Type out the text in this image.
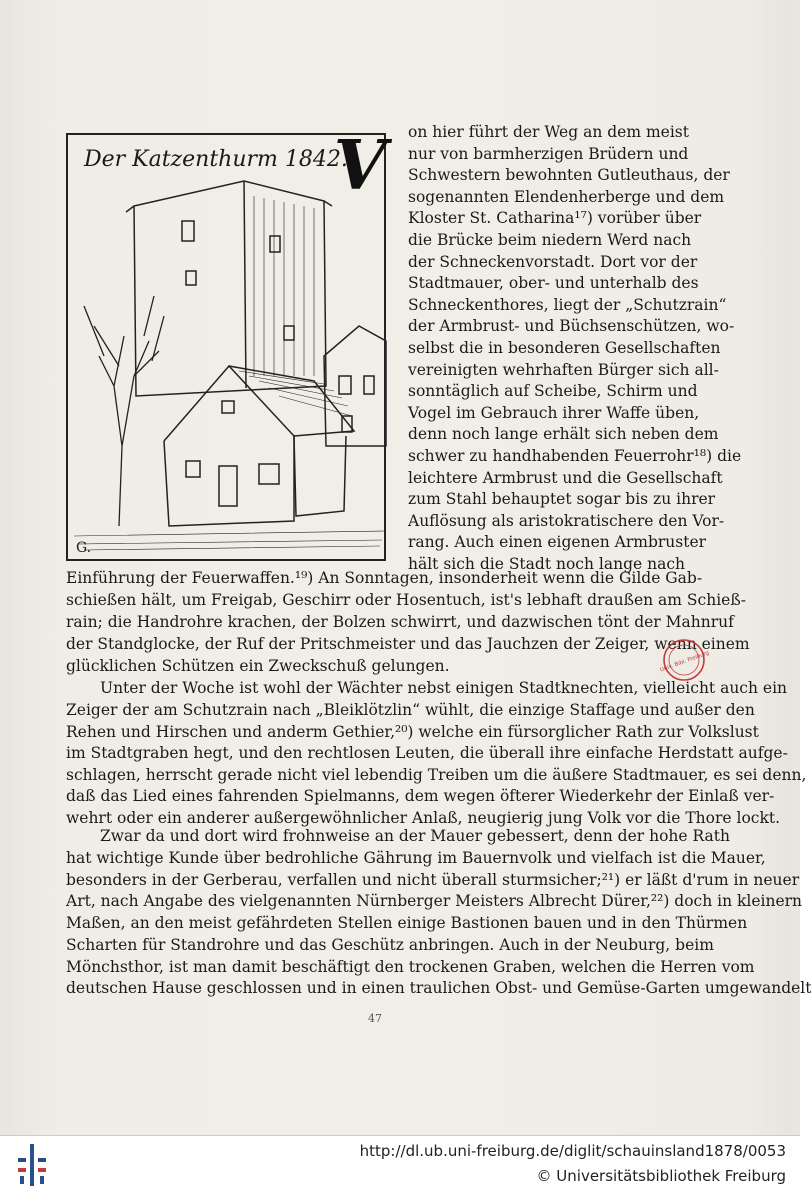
Der Katzenthurm 1842.
G.
V	on hier führt der Weg an dem meist

nur von barmherzigen Brüdern und

Schwestern bewohnten Gutleuthaus, der

sogenannten Elendenherberge und dem

Kloster St. Catharina¹⁷) vorüber über

die Brücke beim niedern Werd nach

der Schneckenvorstadt. Dort vor der

Stadtmauer, ober- und unterhalb des

Schneckenthores, liegt der „Schutzrain“

der Armbrust- und Büchsenschützen, wo-

selbst die in besonderen Gesellschaften

vereinigten wehrhaften Bürger sich all-

sonntäglich auf Scheibe, Schirm und

Vogel im Gebrauch ihrer Waffe üben,

denn noch lange erhält sich neben dem

schwer zu handhabenden Feuerrohr¹⁸) die

leichtere Armbrust und die Gesellschaft

zum Stahl behauptet sogar bis zu ihrer

Auflösung als aristokratischere den Vor-

rang. Auch einen eigenen Armbruster

hält sich die Stadt noch lange nach

Einführung der Feuerwaffen.¹⁹) An Sonntagen, insonderheit wenn die Gilde Gab-

schießen hält, um Freigab, Geschirr oder Hosentuch, ist's lebhaft draußen am Schieß-

rain; die Handrohre krachen, der Bolzen schwirrt, und dazwischen tönt der Mahnruf

der Standglocke, der Ruf der Pritschmeister und das Jauchzen der Zeiger, wenn einem

glücklichen Schützen ein Zweckschuß gelungen.

Unter der Woche ist wohl der Wächter nebst einigen Stadtknechten, vielleicht auch ein

Zeiger der am Schutzrain nach „Bleiklötzlin“ wühlt, die einzige Staffage und außer den

Rehen und Hirschen und anderm Gethier,²⁰) welche ein fürsorglicher Rath zur Volkslust

im Stadtgraben hegt, und den rechtlosen Leuten, die überall ihre einfache Herdstatt aufge-

schlagen, herrscht gerade nicht viel lebendig Treiben um die äußere Stadtmauer, es sei denn,

daß das Lied eines fahrenden Spielmanns, dem wegen öfterer Wiederkehr der Einlaß ver-

wehrt oder ein anderer außergewöhnlicher Anlaß, neugierig jung Volk vor die Thore lockt.

Zwar da und dort wird frohnweise an der Mauer gebessert, denn der hohe Rath

hat wichtige Kunde über bedrohliche Gährung im Bauernvolk und vielfach ist die Mauer,

besonders in der Gerberau, verfallen und nicht überall sturmsicher;²¹) er läßt d'rum in neuer

Art, nach Angabe des vielgenannten Nürnberger Meisters Albrecht Dürer,²²) doch in kleinern

Maßen, an den meist gefährdeten Stellen einige Bastionen bauen und in den Thürmen

Scharten für Standrohre und das Geschütz anbringen. Auch in der Neuburg, beim

Mönchsthor, ist man damit beschäftigt den trockenen Graben, welchen die Herren vom

deutschen Hause geschlossen und in einen traulichen Obst- und Gemüse-Garten umgewandelt

47
Univ. Bibl. Freiburg
http://dl.ub.uni-freiburg.de/diglit/schauinsland1878/0053
© Universitätsbibliothek Freiburg
